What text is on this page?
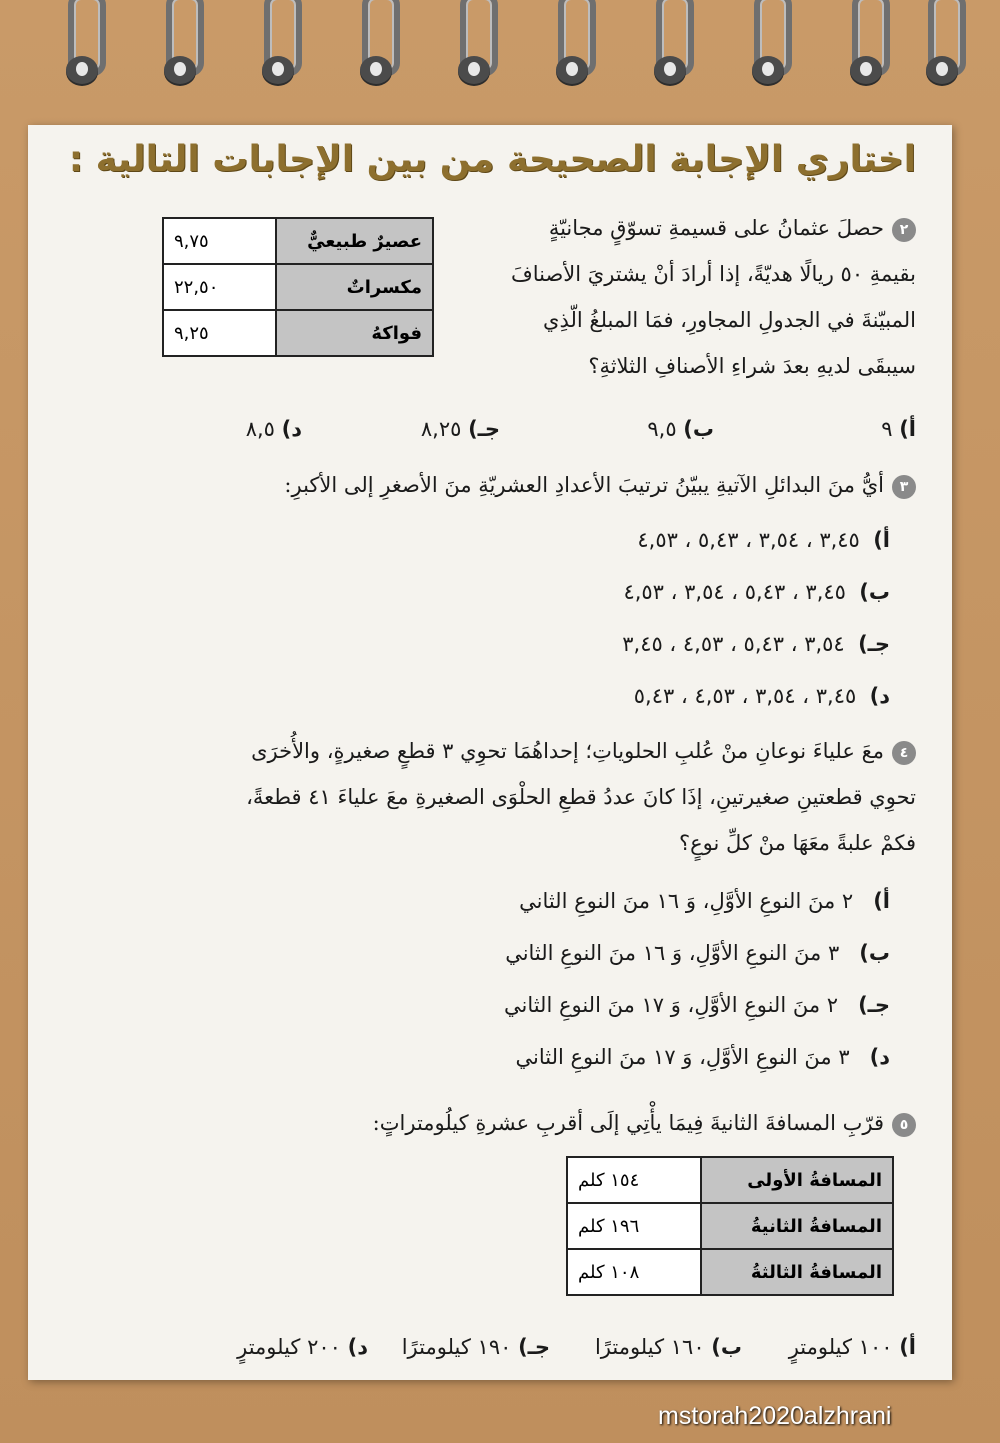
اختاري الإجابة الصحيحة من بين الإجابات التالية :
٢حصلَ عثمانُ على قسيمةِ تسوّقٍ مجانيّةٍ
بقيمةِ ٥٠ ريالًا هديّةً، إذا أرادَ أنْ يشتريَ الأصنافَ
المبيّنةَ في الجدولِ المجاورِ، فمَا المبلغُ الّذِي
سيبقَى لديهِ بعدَ شراءِ الأصنافِ الثلاثةِ؟
عصيرٌ طبيعيٌّ	٩,٧٥
مكسراتٌ	٢٢,٥٠
فواكهُ	٩,٢٥
أ) ٩
ب) ٩,٥
جـ) ٨,٢٥
د) ٨,٥
٣أيُّ منَ البدائلِ الآتيةِ يبيّنُ ترتيبَ الأعدادِ العشريّةِ منَ الأصغرِ إلى الأكبرِ:
أ)  ٣,٤٥ ، ٣,٥٤ ، ٥,٤٣ ، ٤,٥٣
ب)  ٣,٤٥ ، ٥,٤٣ ، ٣,٥٤ ، ٤,٥٣
جـ)  ٣,٥٤ ، ٥,٤٣ ، ٤,٥٣ ، ٣,٤٥
د)  ٣,٤٥ ، ٣,٥٤ ، ٤,٥٣ ، ٥,٤٣
٤معَ علياءَ نوعانِ منْ عُلبِ الحلوياتِ؛ إحداهُمَا تحوِي ٣ قطعٍ صغيرةٍ، والأُخرَى
تحوِي قطعتينِ صغيرتينِ، إذَا كانَ عددُ قطعِ الحلْوَى الصغيرةِ معَ علياءَ ٤١ قطعةً،
فكمْ علبةً معَهَا منْ كلِّ نوعٍ؟
أ)   ٢ منَ النوعِ الأوَّلِ، وَ ١٦ منَ النوعِ الثاني
ب)   ٣ منَ النوعِ الأوَّلِ، وَ ١٦ منَ النوعِ الثاني
جـ)   ٢ منَ النوعِ الأوَّلِ، وَ ١٧ منَ النوعِ الثاني
د)   ٣ منَ النوعِ الأوَّلِ، وَ ١٧ منَ النوعِ الثاني
٥قرّبِ المسافةَ الثانيةَ فِيمَا يأْتِي إلَى أقربِ عشرةِ كيلُومتراتٍ:
المسافةُ الأولى	١٥٤ كلم
المسافةُ الثانيةُ	١٩٦ كلم
المسافةُ الثالثةُ	١٠٨ كلم
أ) ١٠٠ كيلومترٍ
ب) ١٦٠ كيلومترًا
جـ) ١٩٠ كيلومترًا
د) ٢٠٠ كيلومترٍ
mstorah2020alzhrani
